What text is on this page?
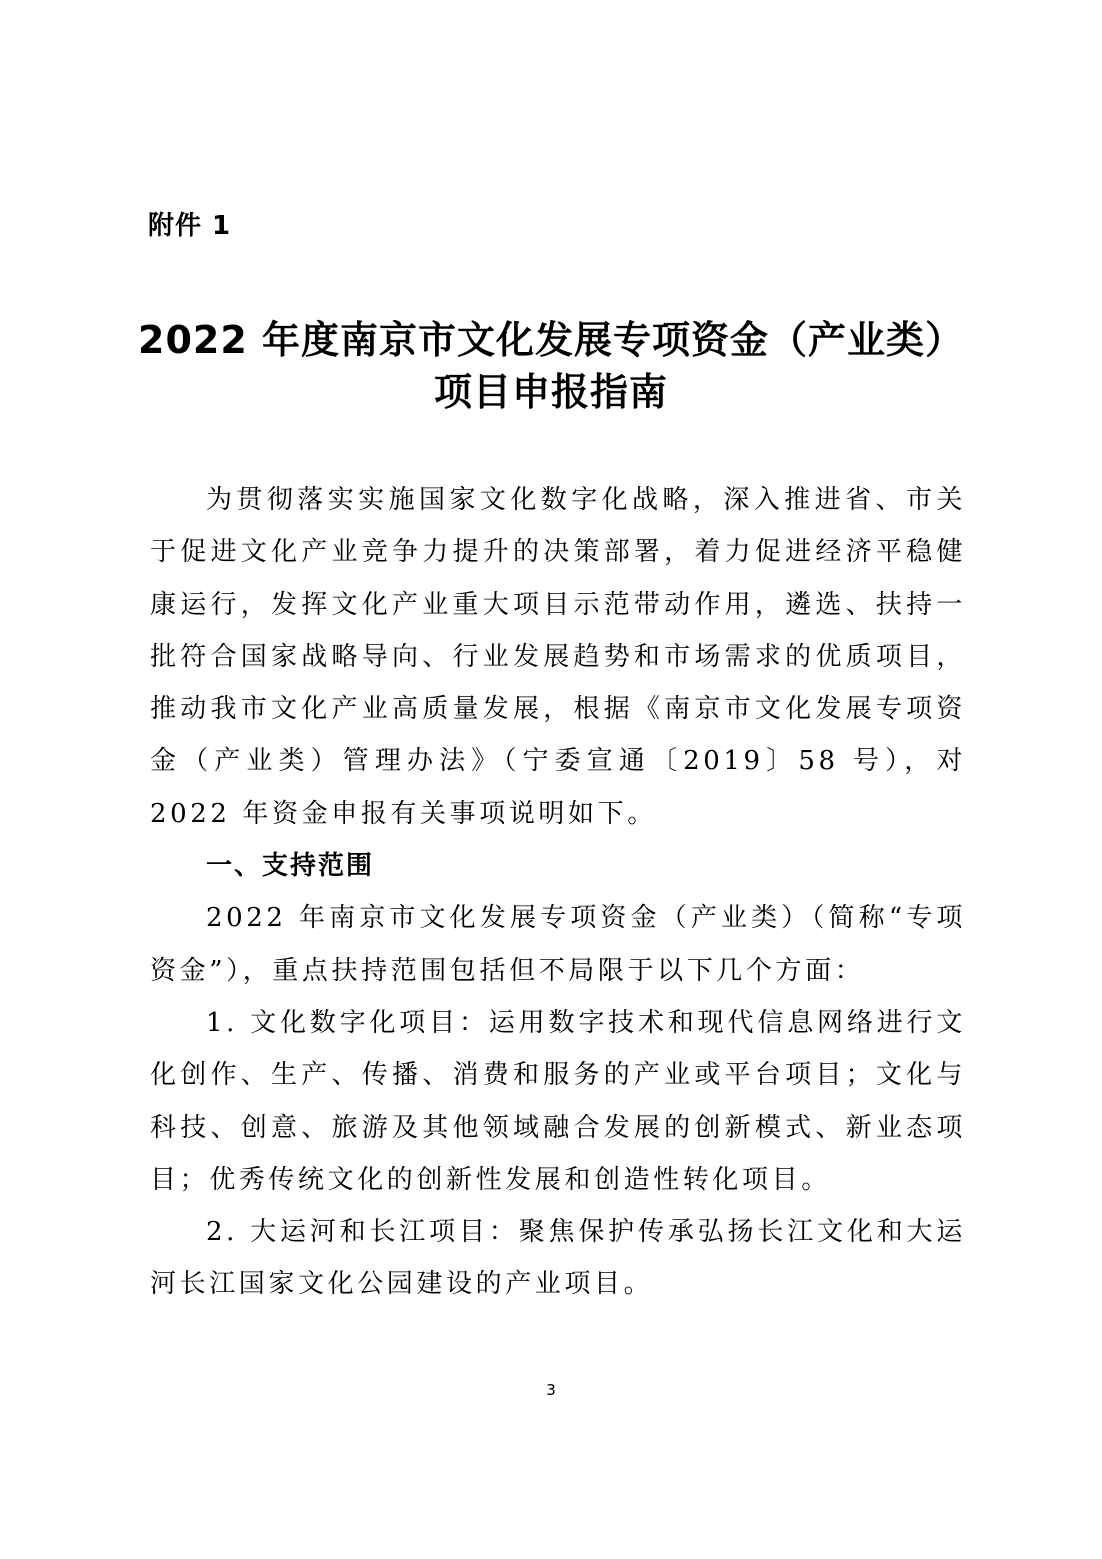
附件 1
2022 年度南京市文化发展专项资金（产业类）
项目申报指南

为贯彻落实实施国家文化数字化战略，深入推进省、市关于促进文化产业竞争力提升的决策部署，着力促进经济平稳健康运行，发挥文化产业重大项目示范带动作用，遴选、扶持一批符合国家战略导向、行业发展趋势和市场需求的优质项目，推动我市文化产业高质量发展，根据《南京市文化发展专项资金（产业类）管理办法》（宁委宣通〔2019〕58 号），对 2022 年资金申报有关事项说明如下。

一、支持范围

2022 年南京市文化发展专项资金（产业类）（简称“专项资金”），重点扶持范围包括但不局限于以下几个方面：

1. 文化数字化项目：运用数字技术和现代信息网络进行文化创作、生产、传播、消费和服务的产业或平台项目；文化与科技、创意、旅游及其他领域融合发展的创新模式、新业态项目；优秀传统文化的创新性发展和创造性转化项目。

2. 大运河和长江项目：聚焦保护传承弘扬长江文化和大运河长江国家文化公园建设的产业项目。

3
